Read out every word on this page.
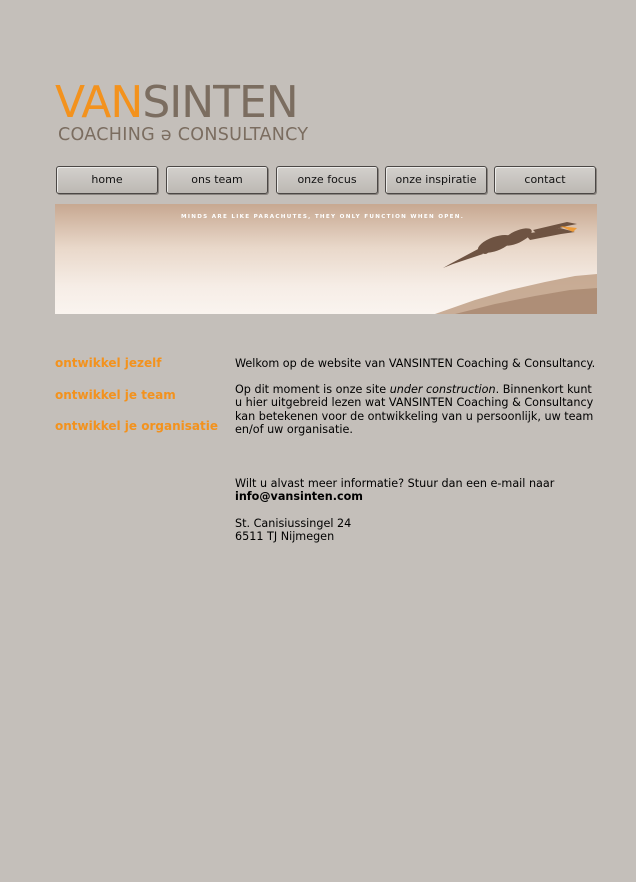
VANSINTEN
COACHING ə CONSULTANCY
home	ons team	onze focus	onze inspiratie	contact
MINDS ARE LIKE PARACHUTES, THEY ONLY FUNCTION WHEN OPEN.
ontwikkel jezelf
ontwikkel je team
ontwikkel je organisatie

Welkom op de website van VANSINTEN Coaching & Consultancy.

Op dit moment is onze site under construction. Binnenkort kunt u hier uitgebreid lezen wat VANSINTEN Coaching & Consultancy kan betekenen voor de ontwikkeling van u persoonlijk, uw team en/of uw organisatie.

Wilt u alvast meer informatie? Stuur dan een e-mail naar

info@vansinten.com

St. Canisiussingel 24

6511 TJ Nijmegen
